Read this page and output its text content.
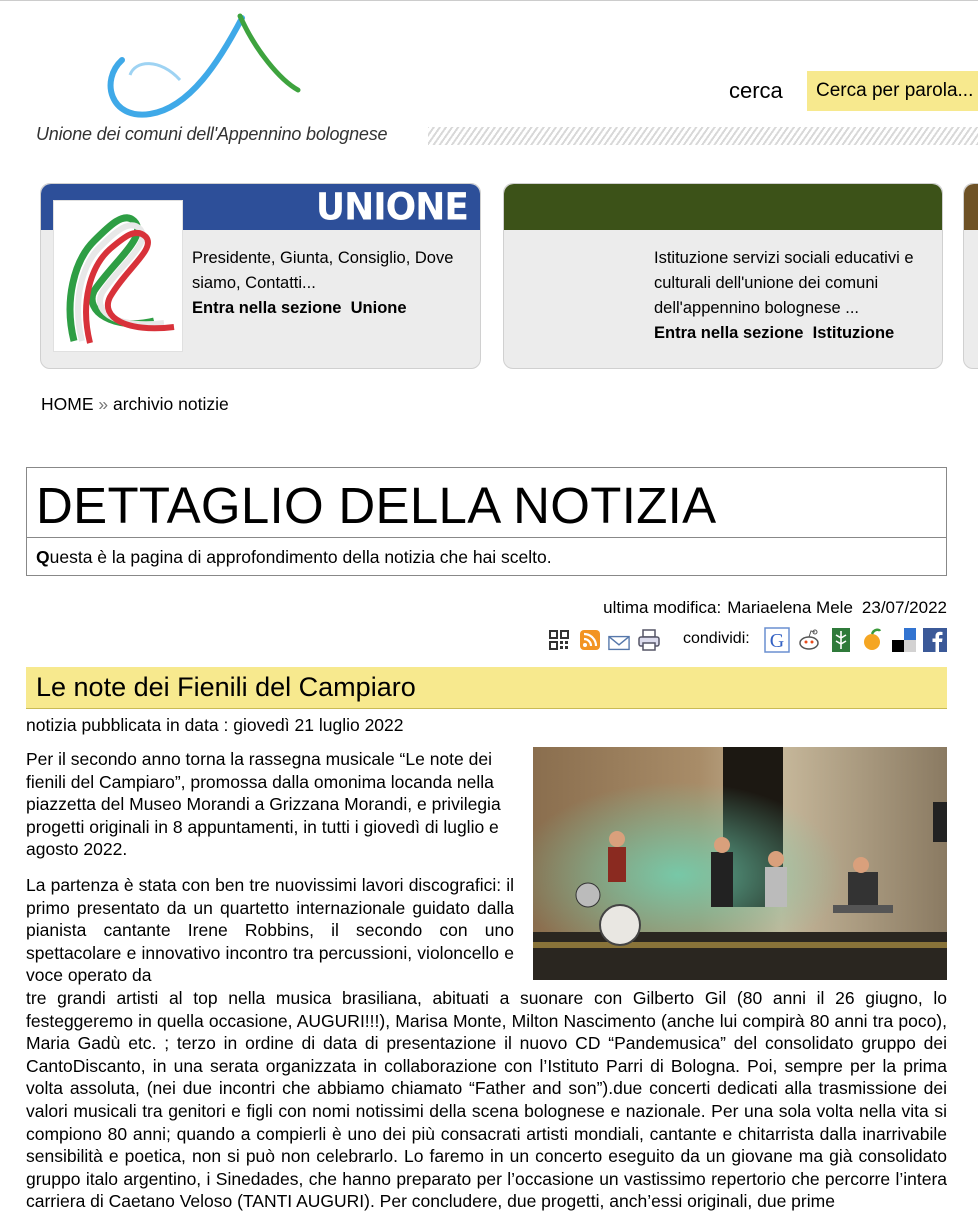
Unione dei comuni dell'Appennino bolognese
cerca
Cerca per parola...
UNIONE
Presidente, Giunta, Consiglio, Dove siamo, Contatti...
Entra nella sezione Unione
Istituzione servizi sociali educativi e culturali dell'unione dei comuni dell'appennino bolognese ...
Entra nella sezione Istituzione
HOME » archivio notizie
DETTAGLIO DELLA NOTIZIA
Questa è la pagina di approfondimento della notizia che hai scelto.
ultima modifica: Mariaelena Mele 23/07/2022
condividi: G
Le note dei Fienili del Campiaro
notizia pubblicata in data : giovedì 21 luglio 2022
Per il secondo anno torna la rassegna musicale “Le note dei fienili del Campiaro”, promossa dalla omonima locanda nella piazzetta del Museo Morandi a Grizzana Morandi, e privilegia progetti originali in 8 appuntamenti, in tutti i giovedì di luglio e agosto 2022.
La partenza è stata con ben tre nuovissimi lavori discografici: il primo presentato da un quartetto internazionale guidato dalla pianista cantante Irene Robbins, il secondo con uno spettacolare e innovativo incontro tra percussioni, violoncello e voce operato da
tre grandi artisti al top nella musica brasiliana, abituati a suonare con Gilberto Gil (80 anni il 26 giugno, lo festeggeremo in quella occasione, AUGURI!!!), Marisa Monte, Milton Nascimento (anche lui compirà 80 anni tra poco), Maria Gadù etc. ; terzo in ordine di data di presentazione il nuovo CD “Pandemusica” del consolidato gruppo dei CantoDiscanto, in una serata organizzata in collaborazione con l’Istituto Parri di Bologna. Poi, sempre per la prima volta assoluta, (nei due incontri che abbiamo chiamato “Father and son”).due concerti dedicati alla trasmissione dei valori musicali tra genitori e figli con nomi notissimi della scena bolognese e nazionale. Per una sola volta nella vita si compiono 80 anni; quando a compierli è uno dei più consacrati artisti mondiali, cantante e chitarrista dalla inarrivabile sensibilità e poetica, non si può non celebrarlo. Lo faremo in un concerto eseguito da un giovane ma già consolidato gruppo italo argentino, i Sinedades, che hanno preparato per l’occasione un vastissimo repertorio che percorre l’intera carriera di Caetano Veloso (TANTI AUGURI). Per concludere, due progetti, anch’essi originali, due prime
